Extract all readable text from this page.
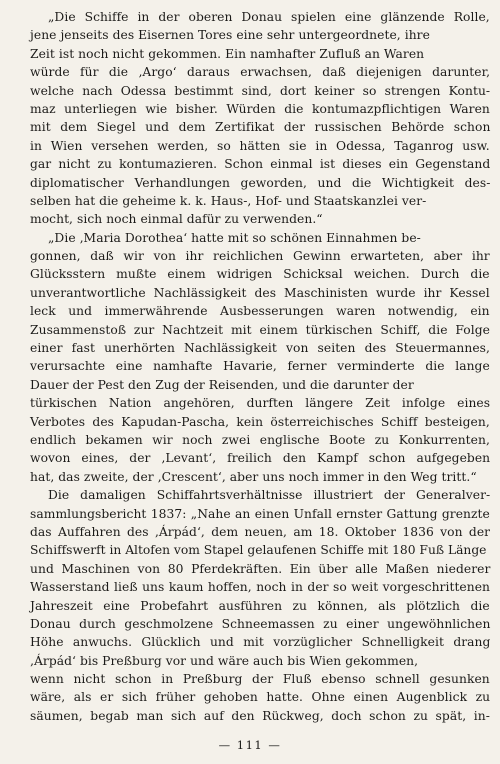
„Die Schiffe in der oberen Donau spielen eine glänzende Rolle,
jene jenseits des Eisernen Tores eine sehr untergeordnete, ihre
Zeit ist noch nicht gekommen. Ein namhafter Zufluß an Waren
würde für die ‚Argo‘ daraus erwachsen, daß diejenigen darunter,
welche nach Odessa bestimmt sind, dort keiner so strengen Kontu-
maz unterliegen wie bisher. Würden die kontumazpflichtigen Waren
mit dem Siegel und dem Zertifikat der russischen Behörde schon
in Wien versehen werden, so hätten sie in Odessa, Taganrog usw.
gar nicht zu kontumazieren. Schon einmal ist dieses ein Gegenstand
diplomatischer Verhandlungen geworden, und die Wichtigkeit des-
selben hat die geheime k. k. Haus-, Hof- und Staatskanzlei ver-
mocht, sich noch einmal dafür zu verwenden.“
„Die ‚Maria Dorothea‘ hatte mit so schönen Einnahmen be-
gonnen, daß wir von ihr reichlichen Gewinn erwarteten, aber ihr
Glücksstern mußte einem widrigen Schicksal weichen. Durch die
unverantwortliche Nachlässigkeit des Maschinisten wurde ihr Kessel
leck und immerwährende Ausbesserungen waren notwendig, ein
Zusammenstoß zur Nachtzeit mit einem türkischen Schiff, die Folge
einer fast unerhörten Nachlässigkeit von seiten des Steuermannes,
verursachte eine namhafte Havarie, ferner verminderte die lange
Dauer der Pest den Zug der Reisenden, und die darunter der
türkischen Nation angehören, durften längere Zeit infolge eines
Verbotes des Kapudan-Pascha, kein österreichisches Schiff besteigen,
endlich bekamen wir noch zwei englische Boote zu Konkurrenten,
wovon eines, der ‚Levant‘, freilich den Kampf schon aufgegeben
hat, das zweite, der ‚Crescent‘, aber uns noch immer in den Weg tritt.“
Die damaligen Schiffahrtsverhältnisse illustriert der Generalver-
sammlungsbericht 1837: „Nahe an einen Unfall ernster Gattung grenzte
das Auffahren des ‚Árpád‘, dem neuen, am 18. Oktober 1836 von der
Schiffswerft in Altofen vom Stapel gelaufenen Schiffe mit 180 Fuß Länge
und Maschinen von 80 Pferdekräften. Ein über alle Maßen niederer
Wasserstand ließ uns kaum hoffen, noch in der so weit vorgeschrittenen
Jahreszeit eine Probefahrt ausführen zu können, als plötzlich die
Donau durch geschmolzene Schneemassen zu einer ungewöhnlichen
Höhe anwuchs. Glücklich und mit vorzüglicher Schnelligkeit drang
‚Árpád‘ bis Preßburg vor und wäre auch bis Wien gekommen,
wenn nicht schon in Preßburg der Fluß ebenso schnell gesunken
wäre, als er sich früher gehoben hatte. Ohne einen Augenblick zu
säumen, begab man sich auf den Rückweg, doch schon zu spät, in-
— 111 —
